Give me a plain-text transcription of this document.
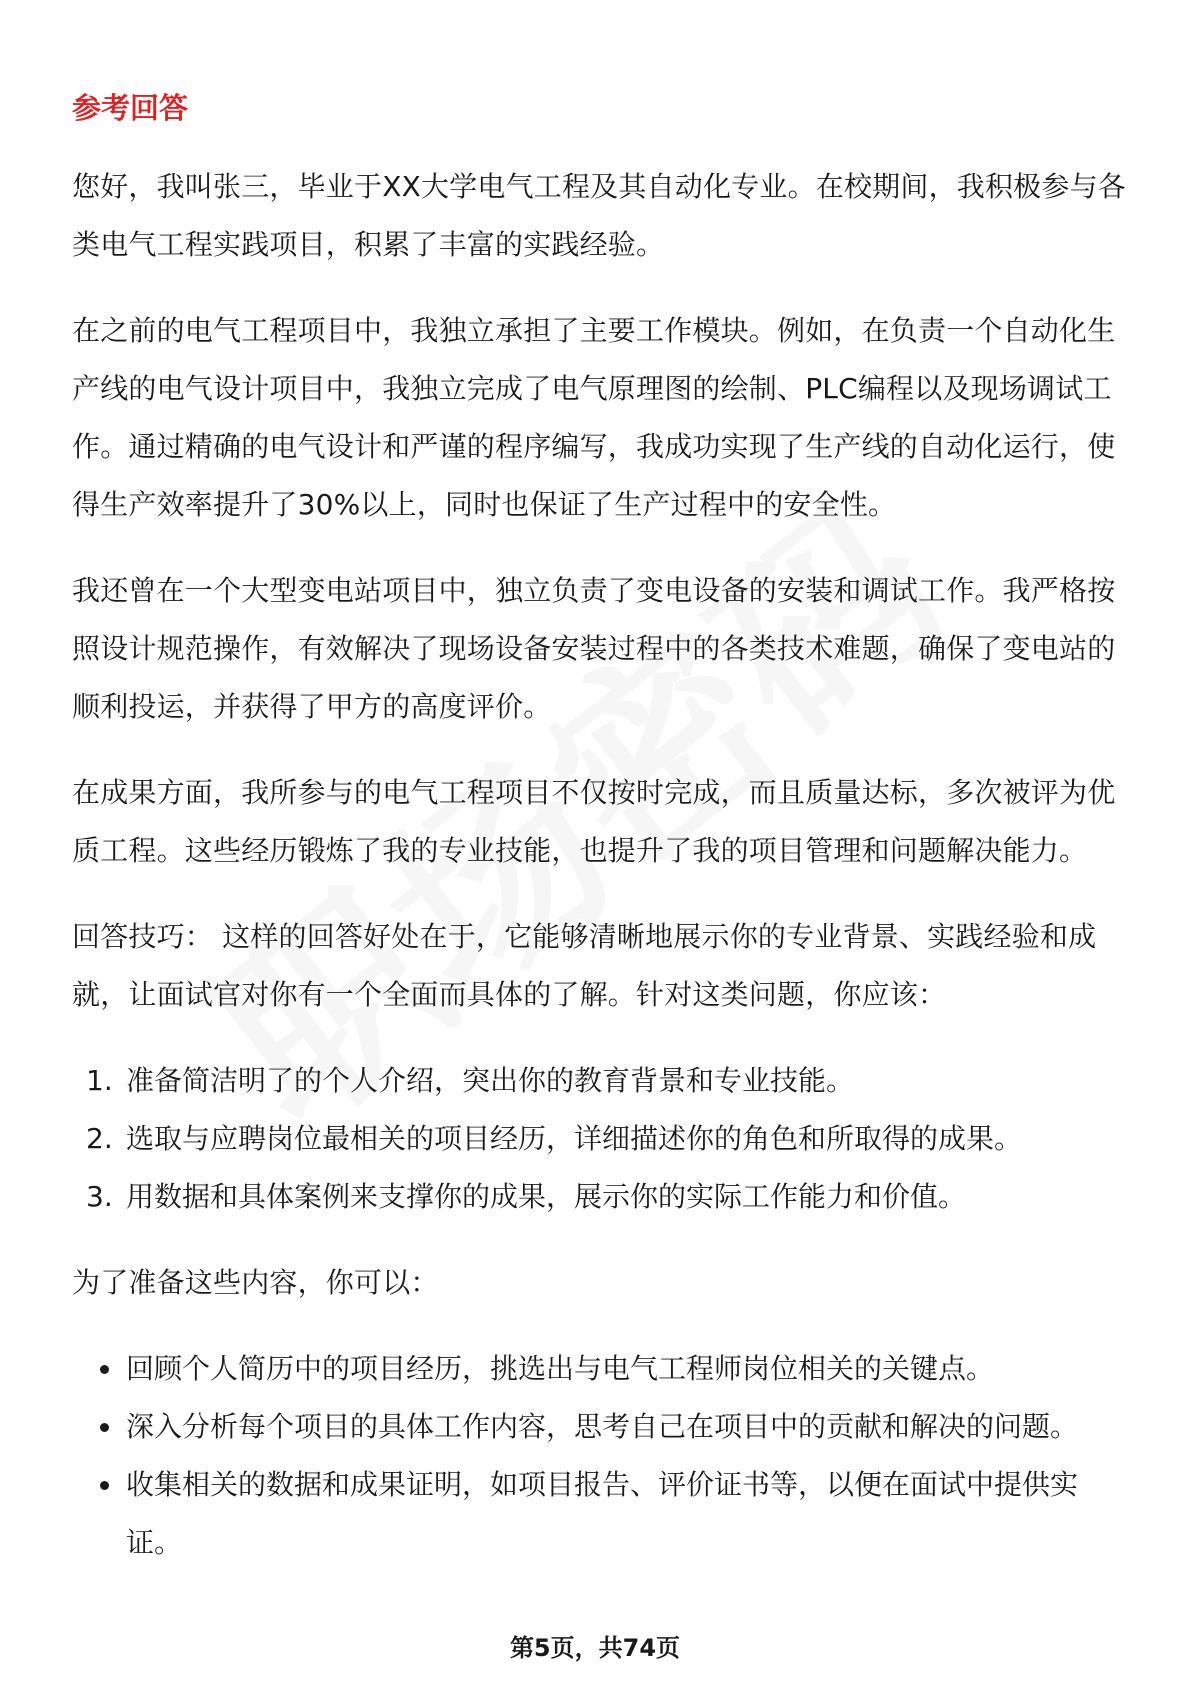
参考回答

您好，我叫张三，毕业于XX大学电气工程及其自动化专业。在校期间，我积极参与各类电气工程实践项目，积累了丰富的实践经验。

在之前的电气工程项目中，我独立承担了主要工作模块。例如，在负责一个自动化生产线的电气设计项目中，我独立完成了电气原理图的绘制、PLC编程以及现场调试工作。通过精确的电气设计和严谨的程序编写，我成功实现了生产线的自动化运行，使得生产效率提升了30%以上，同时也保证了生产过程中的安全性。

我还曾在一个大型变电站项目中，独立负责了变电设备的安装和调试工作。我严格按照设计规范操作，有效解决了现场设备安装过程中的各类技术难题，确保了变电站的顺利投运，并获得了甲方的高度评价。

在成果方面，我所参与的电气工程项目不仅按时完成，而且质量达标，多次被评为优质工程。这些经历锻炼了我的专业技能，也提升了我的项目管理和问题解决能力。

回答技巧： 这样的回答好处在于，它能够清晰地展示你的专业背景、实践经验和成就，让面试官对你有一个全面而具体的了解。针对这类问题，你应该：

1. 准备简洁明了的个人介绍，突出你的教育背景和专业技能。
2. 选取与应聘岗位最相关的项目经历，详细描述你的角色和所取得的成果。
3. 用数据和具体案例来支撑你的成果，展示你的实际工作能力和价值。

为了准备这些内容，你可以：

回顾个人简历中的项目经历，挑选出与电气工程师岗位相关的关键点。
深入分析每个项目的具体工作内容，思考自己在项目中的贡献和解决的问题。
收集相关的数据和成果证明，如项目报告、评价证书等，以便在面试中提供实证。
第5页，共74页
